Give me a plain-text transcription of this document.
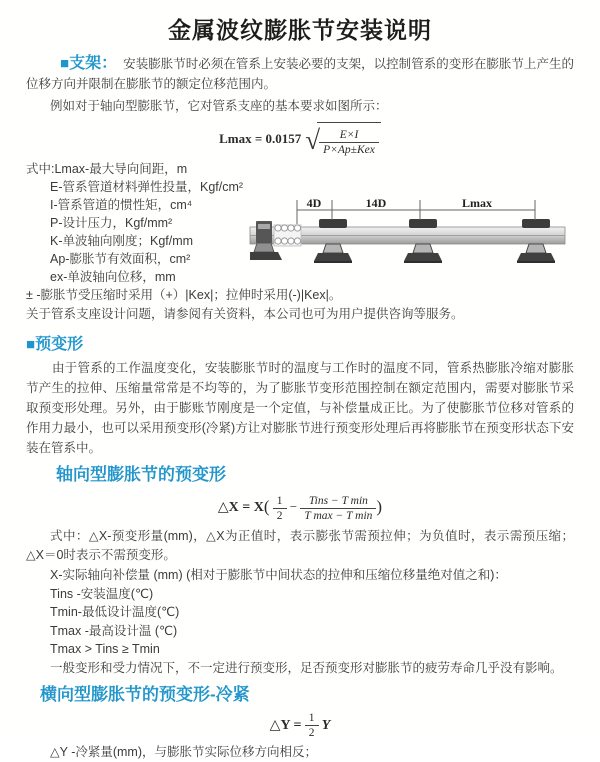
金属波纹膨胀节安装说明

■支架： 安装膨胀节时必须在管系上安装必要的支架，以控制管系的变形在膨胀节上产生的位移方向并限制在膨胀节的额定位移范围内。

例如对于轴向型膨胀节，它对管系支座的基本要求如图所示：

Lmax = 0.0157 √ $\frac{E\times I}{\text{P×Ap±Kex}}$
式中:Lmax-最大导向间距，m
E-管系管道材料弹性投量，Kgf/cm²
I-管系管道的惯性矩，cm⁴
P-设计压力，Kgf/mm²
K-单波轴向刚度；Kgf/mm
Ap-膨胀节有效面积，cm²
ex-单波轴向位移，mm
± -膨胀节受压缩时采用（+）|Kex|；拉伸时采用(-)|Kex|。
关于管系支座设计问题，请参阅有关资料，本公司也可为用户提供咨询等服务。
4D	14D	Lmax
■预变形

由于管系的工作温度变化，安装膨胀节时的温度与工作时的温度不同，管系热膨胀冷缩对膨胀节产生的拉伸、压缩量常常是不均等的，为了膨胀节变形范围控制在额定范围内，需要对膨胀节采取预变形处理。另外，由于膨账节刚度是一个定值，与补偿量成正比。为了使膨胀节位移对管系的作用力最小，也可以采用预变形(冷紧)方让对膨胀节进行预变形处理后再将膨胀节在预变形状态下安装在管系中。

轴向型膨胀节的预变形
△X = $X( \frac{1}{2} - \frac{\text{Tins − T min}}{\text{T max − T min}}$ )

式中：△X-预变形量(mm)，△X为正值时，表示膨张节需预拉伸；为负值时，表示需预压缩；△X＝0时表示不需预变形。

X-实际轴向补偿量 (mm) (相对于膨胀节中间状态的拉伸和压缩位移量绝对值之和)：
Tins -安装温度(℃)
Tmin-最低设计温度(℃)
Tmax -最高设计温 (℃)
Tmax > Tins ≥ Tmin
一般变形和受力情况下，不一定进行预变形，足否预变形对膨胀节的疲劳寿命几乎没有影响。
横向型膨胀节的预变形-冷紧
△Y = $\frac{1}{2}$ Y
△Y -冷紧量(mm)，与膨胀节实际位移方向相反；
